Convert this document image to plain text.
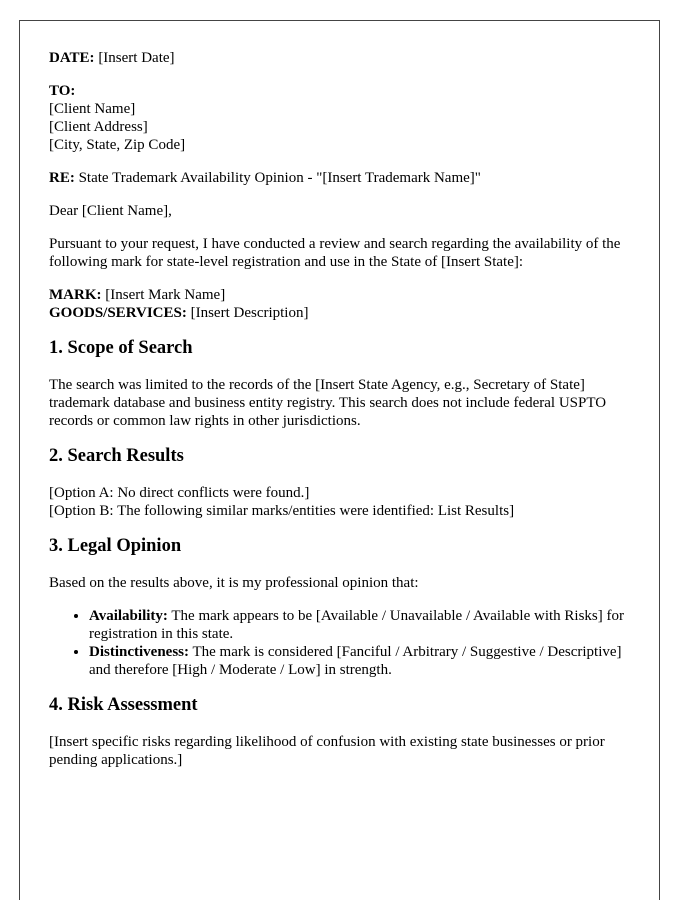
DATE: [Insert Date]
TO:
[Client Name]
[Client Address]
[City, State, Zip Code]
RE: State Trademark Availability Opinion - "[Insert Trademark Name]"
Dear [Client Name],
Pursuant to your request, I have conducted a review and search regarding the availability of the following mark for state-level registration and use in the State of [Insert State]:
MARK: [Insert Mark Name]
GOODS/SERVICES: [Insert Description]
1. Scope of Search
The search was limited to the records of the [Insert State Agency, e.g., Secretary of State] trademark database and business entity registry. This search does not include federal USPTO records or common law rights in other jurisdictions.
2. Search Results
[Option A: No direct conflicts were found.]
[Option B: The following similar marks/entities were identified: List Results]
3. Legal Opinion
Based on the results above, it is my professional opinion that:
• Availability: The mark appears to be [Available / Unavailable / Available with Risks] for registration in this state.
• Distinctiveness: The mark is considered [Fanciful / Arbitrary / Suggestive / Descriptive] and therefore [High / Moderate / Low] in strength.
4. Risk Assessment
[Insert specific risks regarding likelihood of confusion with existing state businesses or prior pending applications.]
